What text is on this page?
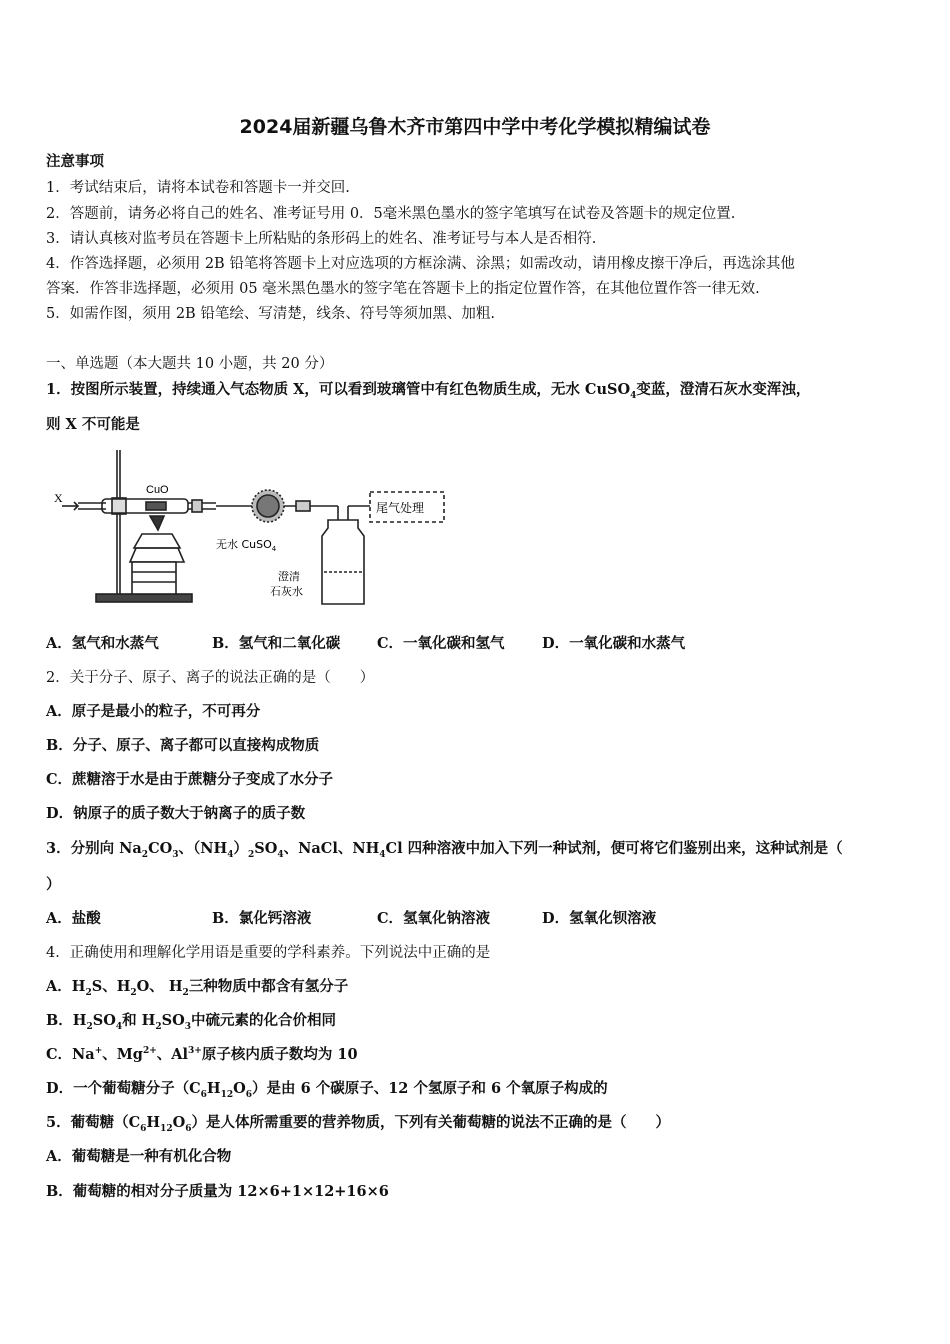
2024届新疆乌鲁木齐市第四中学中考化学模拟精编试卷
注意事项
1．考试结束后，请将本试卷和答题卡一并交回.
2．答题前，请务必将自己的姓名、准考证号用 0．5毫米黑色墨水的签字笔填写在试卷及答题卡的规定位置.
3．请认真核对监考员在答题卡上所粘贴的条形码上的姓名、准考证号与本人是否相符.
4．作答选择题，必须用 2B 铅笔将答题卡上对应选项的方框涂满、涂黑；如需改动，请用橡皮擦干净后，再选涂其他
答案．作答非选择题，必须用 05 毫米黑色墨水的签字笔在答题卡上的指定位置作答，在其他位置作答一律无效.
5．如需作图，须用 2B 铅笔绘、写清楚，线条、符号等须加黑、加粗.
一、单选题（本大题共 10 小题，共 20 分）
1．按图所示装置，持续通入气态物质 X，可以看到玻璃管中有红色物质生成，无水 CuSO$_4$变蓝，澄清石灰水变浑浊，
则 X 不可能是
X
CuO
无水 CuSO$_4$
尾气处理
澄清
石灰水
A．氢气和水蒸气	B．氢气和二氧化碳	C．一氧化碳和氢气	D．一氧化碳和水蒸气
2．关于分子、原子、离子的说法正确的是（　　）
A．原子是最小的粒子，不可再分
B．分子、原子、离子都可以直接构成物质
C．蔗糖溶于水是由于蔗糖分子变成了水分子
D．钠原子的质子数大于钠离子的质子数
3．分别向 $Na_2CO_3$、$(NH_4)_2SO_4$、NaCl、$NH_4Cl$ 四种溶液中加入下列一种试剂，便可将它们鉴别出来，这种试剂是（
）
A．盐酸	B．氯化钙溶液	C．氢氧化钠溶液	D．氢氧化钡溶液
4．正确使用和理解化学用语是重要的学科素养。下列说法中正确的是
A．$H_2S$、$H_2O$、 $H_2$三种物质中都含有氢分子
B．$H_2SO_4$和 $H_2SO_3$中硫元素的化合价相同
C．Na+、$Mg^{2+}$、$Al^{3+}$原子核内质子数均为 10
D．一个葡萄糖分子$(C_6H_{12}O_6)$是由 6 个碳原子、12 个氢原子和 6 个氧原子构成的
5．葡萄糖$(C_6H_{12}O_6)$是人体所需重要的营养物质，下列有关葡萄糖的说法不正确的是（　　）
A．葡萄糖是一种有机化合物
B．葡萄糖的相对分子质量为 12×6+1×12+16×6
